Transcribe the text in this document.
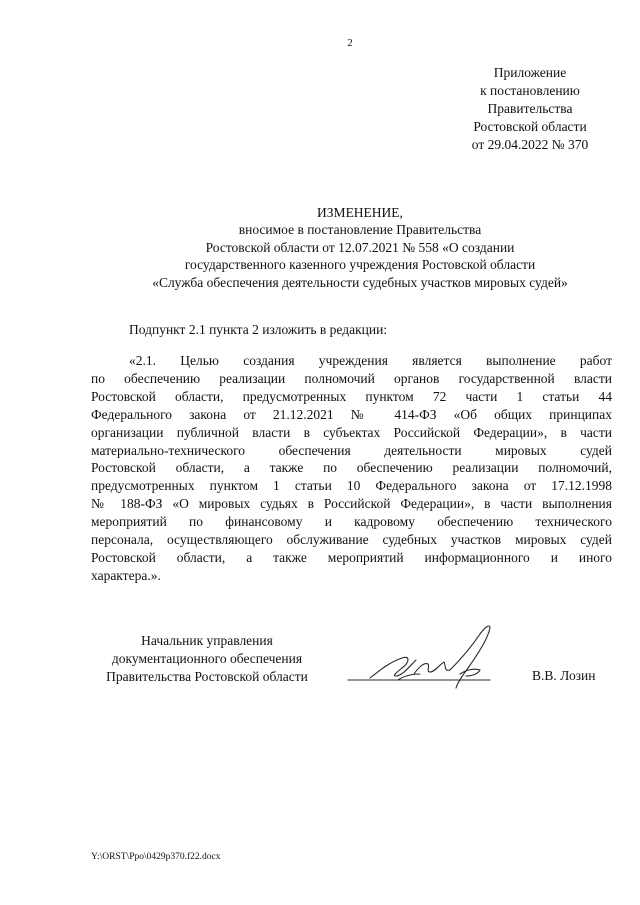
2
Приложение
к постановлению
Правительства
Ростовской области
от 29.04.2022 № 370
ИЗМЕНЕНИЕ,
вносимое в постановление Правительства
Ростовской области от 12.07.2021 № 558 «О создании
государственного казенного учреждения Ростовской области
«Служба обеспечения деятельности судебных участков мировых судей»
Подпункт 2.1 пункта 2 изложить в редакции:
«2.1. Целью создания учреждения является выполнение работ
по обеспечению реализации полномочий органов государственной власти
Ростовской области, предусмотренных пунктом 72 части 1 статьи 44
Федерального закона от 21.12.2021 № 414-ФЗ «Об общих принципах
организации публичной власти в субъектах Российской Федерации», в части
материально-технического обеспечения деятельности мировых судей
Ростовской области, а также по обеспечению реализации полномочий,
предусмотренных пунктом 1 статьи 10 Федерального закона от 17.12.1998
№ 188-ФЗ «О мировых судьях в Российской Федерации», в части выполнения
мероприятий по финансовому и кадровому обеспечению технического
персонала, осуществляющего обслуживание судебных участков мировых судей
Ростовской области, а также мероприятий информационного и иного
характера.».
Начальник управления
документационного обеспечения
Правительства Ростовской области	В.В. Лозин
Y:\ORST\Ppo\0429p370.f22.docx
